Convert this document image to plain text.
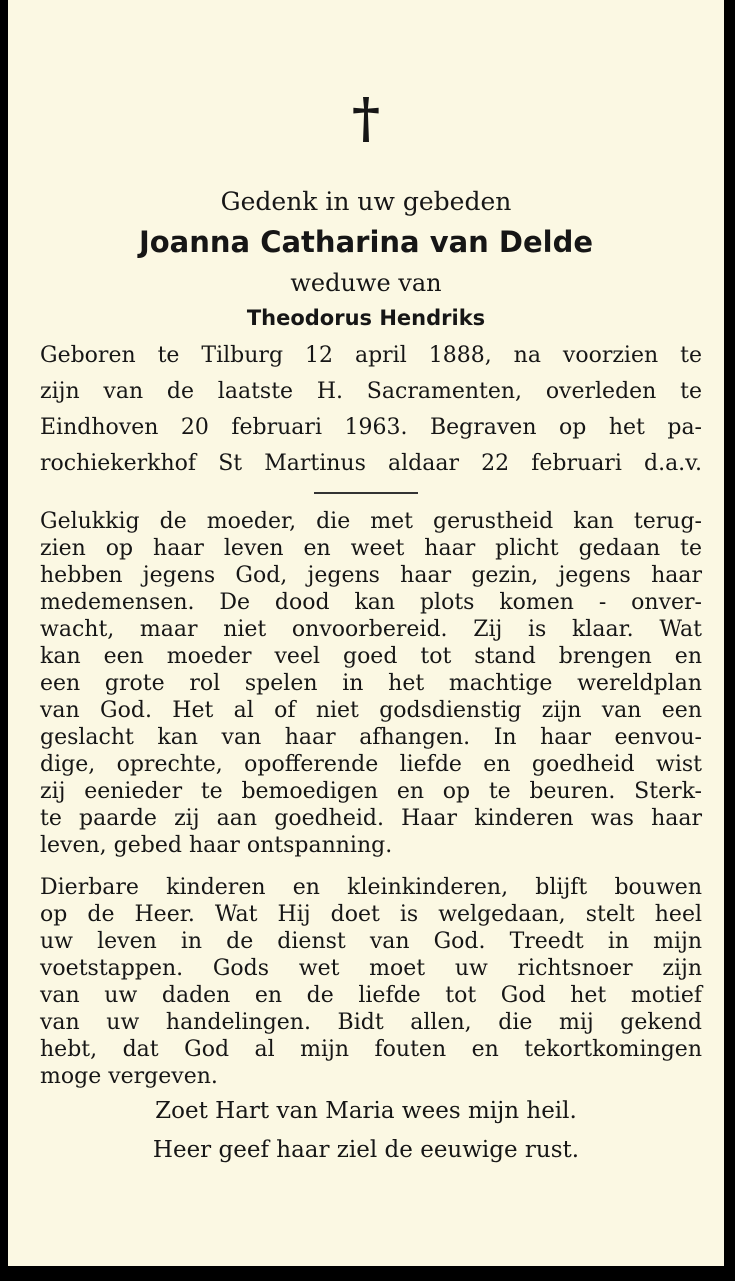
†
Gedenk in uw gebeden
Joanna Catharina van Delde
weduwe van
Theodorus Hendriks
Geboren te Tilburg 12 april 1888, na voorzien te
zijn van de laatste H. Sacramenten, overleden te
Eindhoven 20 februari 1963. Begraven op het pa-
rochiekerkhof St Martinus aldaar 22 februari d.a.v.
Gelukkig de moeder, die met gerustheid kan terug-
zien op haar leven en weet haar plicht gedaan te
hebben jegens God, jegens haar gezin, jegens haar
medemensen. De dood kan plots komen - onver-
wacht, maar niet onvoorbereid. Zij is klaar. Wat
kan een moeder veel goed tot stand brengen en
een grote rol spelen in het machtige wereldplan
van God. Het al of niet godsdienstig zijn van een
geslacht kan van haar afhangen. In haar eenvou-
dige, oprechte, opofferende liefde en goedheid wist
zij eenieder te bemoedigen en op te beuren. Sterk-
te paarde zij aan goedheid. Haar kinderen was haar
leven, gebed haar ontspanning.
Dierbare kinderen en kleinkinderen, blijft bouwen
op de Heer. Wat Hij doet is welgedaan, stelt heel
uw leven in de dienst van God. Treedt in mijn
voetstappen. Gods wet moet uw richtsnoer zijn
van uw daden en de liefde tot God het motief
van uw handelingen. Bidt allen, die mij gekend
hebt, dat God al mijn fouten en tekortkomingen
moge vergeven.
Zoet Hart van Maria wees mijn heil.
Heer geef haar ziel de eeuwige rust.
